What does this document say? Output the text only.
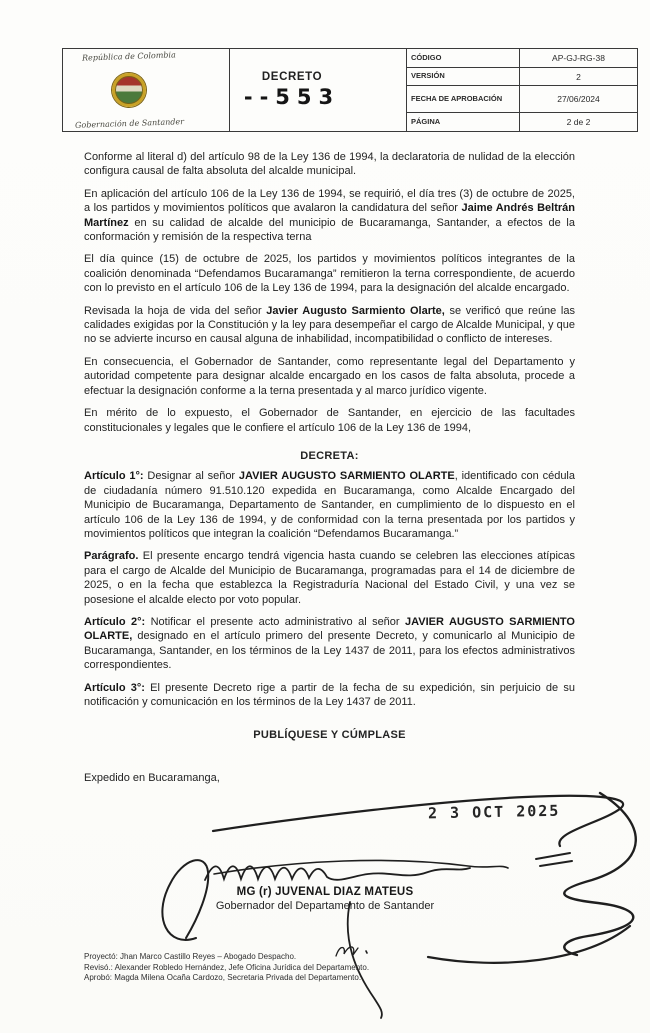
República de Colombia
Gobernación de Santander
DECRETO
--553
CÓDIGO	AP-GJ-RG-38
VERSIÓN	2
FECHA DE APROBACIÓN	27/06/2024
PÁGINA	2 de 2

Conforme al literal d) del artículo 98 de la Ley 136 de 1994, la declaratoria de nulidad de la elección configura causal de falta absoluta del alcalde municipal.

En aplicación del artículo 106 de la Ley 136 de 1994, se requirió, el día tres (3) de octubre de 2025, a los partidos y movimientos políticos que avalaron la candidatura del señor Jaime Andrés Beltrán Martínez en su calidad de alcalde del municipio de Bucaramanga, Santander, a efectos de la conformación y remisión de la respectiva terna

El día quince (15) de octubre de 2025, los partidos y movimientos políticos integrantes de la coalición denominada “Defendamos Bucaramanga” remitieron la terna correspondiente, de acuerdo con lo previsto en el artículo 106 de la Ley 136 de 1994, para la designación del alcalde encargado.

Revisada la hoja de vida del señor Javier Augusto Sarmiento Olarte, se verificó que reúne las calidades exigidas por la Constitución y la ley para desempeñar el cargo de Alcalde Municipal, y que no se advierte incurso en causal alguna de inhabilidad, incompatibilidad o conflicto de intereses.

En consecuencia, el Gobernador de Santander, como representante legal del Departamento y autoridad competente para designar alcalde encargado en los casos de falta absoluta, procede a efectuar la designación conforme a la terna presentada y al marco jurídico vigente.

En mérito de lo expuesto, el Gobernador de Santander, en ejercicio de las facultades constitucionales y legales que le confiere el artículo 106 de la Ley 136 de 1994,

DECRETA:

Artículo 1°: Designar al señor JAVIER AUGUSTO SARMIENTO OLARTE, identificado con cédula de ciudadanía número 91.510.120 expedida en Bucaramanga, como Alcalde Encargado del Municipio de Bucaramanga, Departamento de Santander, en cumplimiento de lo dispuesto en el artículo 106 de la Ley 136 de 1994, y de conformidad con la terna presentada por los partidos y movimientos políticos que integran la coalición “Defendamos Bucaramanga.”

Parágrafo. El presente encargo tendrá vigencia hasta cuando se celebren las elecciones atípicas para el cargo de Alcalde del Municipio de Bucaramanga, programadas para el 14 de diciembre de 2025, o en la fecha que establezca la Registraduría Nacional del Estado Civil, y una vez se posesione el alcalde electo por voto popular.

Artículo 2°: Notificar el presente acto administrativo al señor JAVIER AUGUSTO SARMIENTO OLARTE, designado en el artículo primero del presente Decreto, y comunicarlo al Municipio de Bucaramanga, Santander, en los términos de la Ley 1437 de 2011, para los efectos administrativos correspondientes.

Artículo 3°: El presente Decreto rige a partir de la fecha de su expedición, sin perjuicio de su notificación y comunicación en los términos de la Ley 1437 de 2011.

PUBLÍQUESE Y CÚMPLASE

Expedido en Bucaramanga,

2 3 OCT 2025
MG (r) JUVENAL DIAZ MATEUS
Gobernador del Departamento de Santander
Proyectó: Jhan Marco Castillo Reyes – Abogado Despacho.
Revisó.: Alexander Robledo Hernández, Jefe Oficina Jurídica del Departamento.
Aprobó: Magda Milena Ocaña Cardozo, Secretaria Privada del Departamento.
